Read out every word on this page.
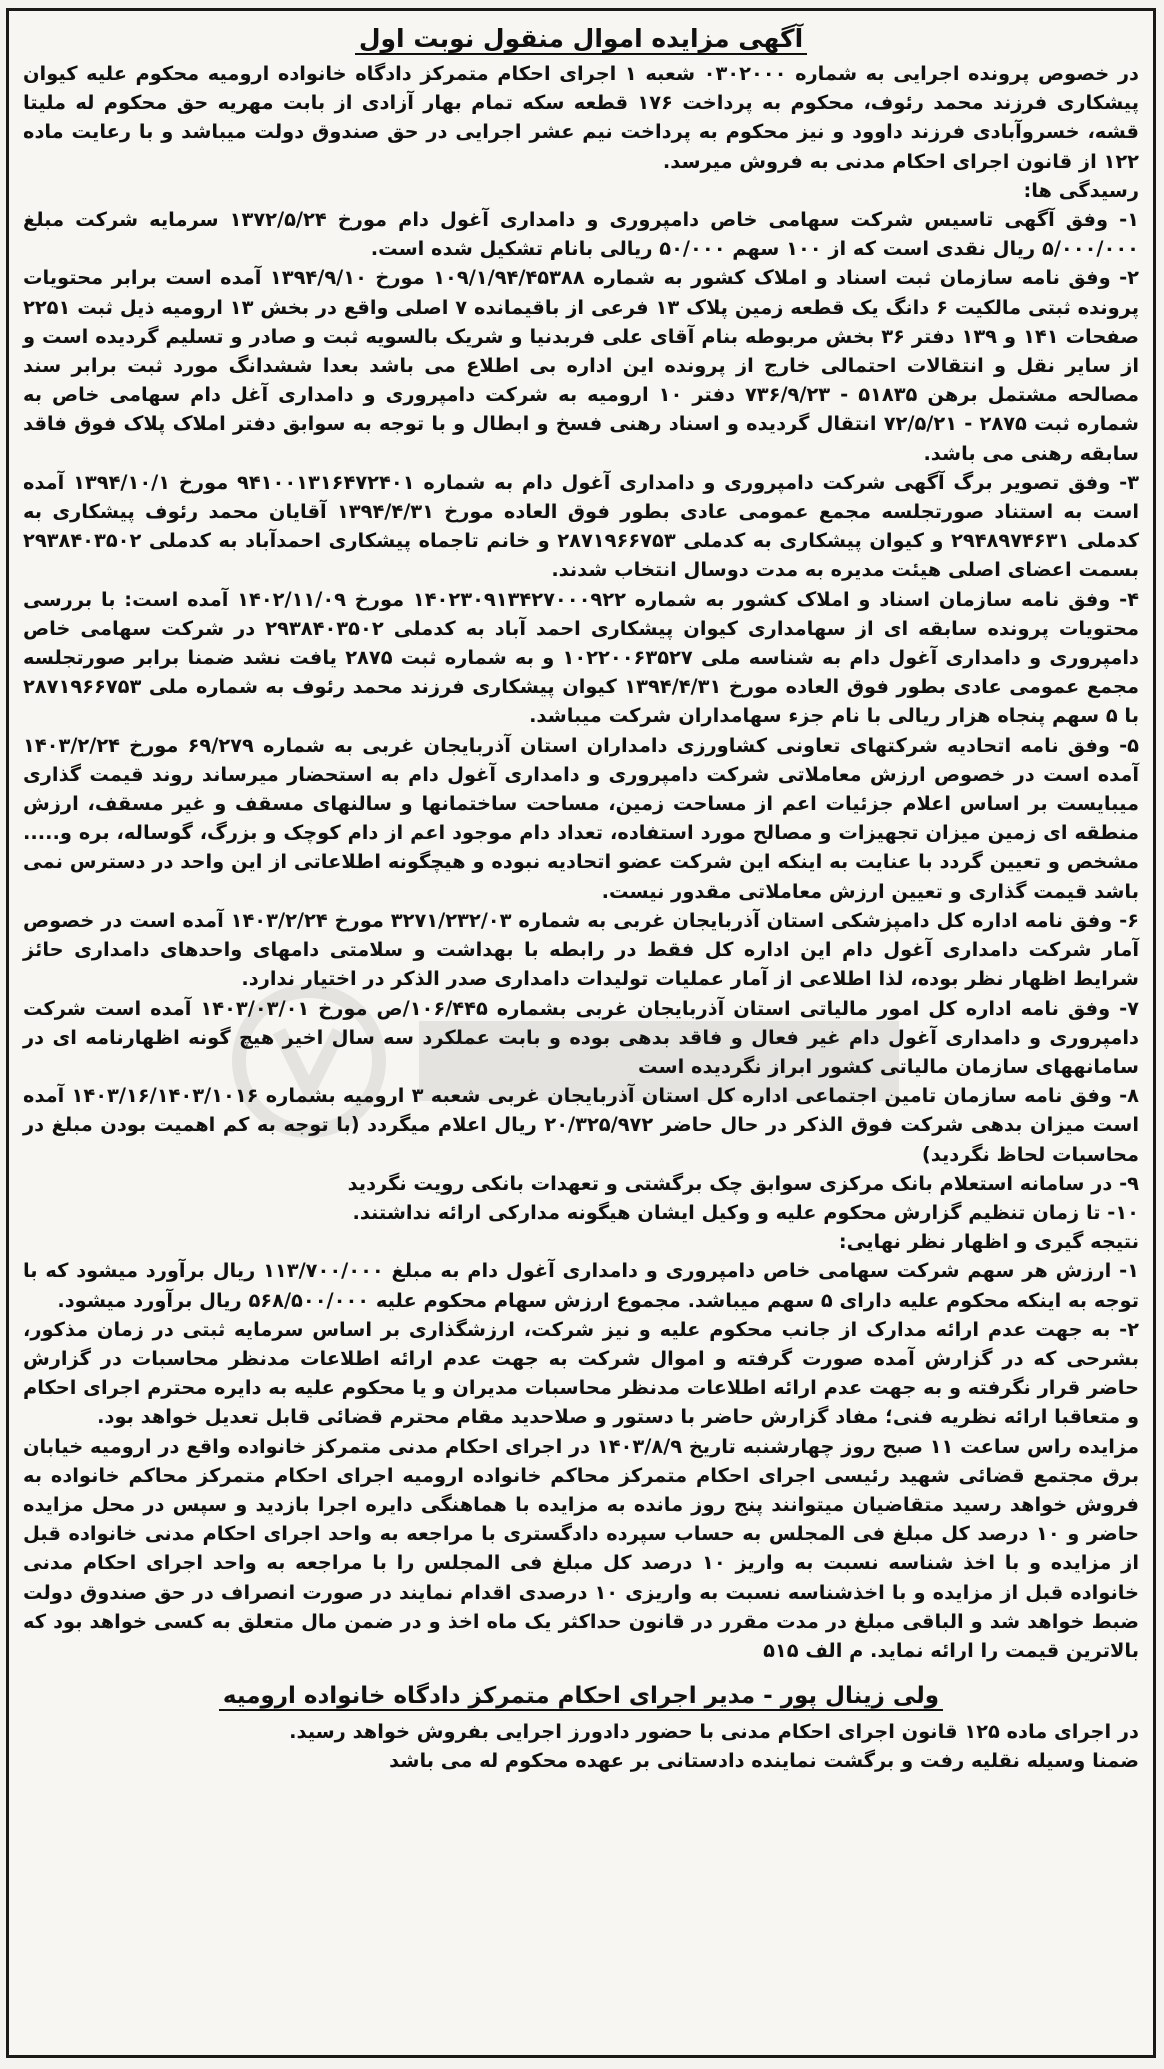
آگهی مزایده اموال منقول نوبت اول

در خصوص پرونده اجرایی به شماره ۰۳‌۰۲۰۰۰ شعبه ۱ اجرای احکام متمرکز دادگاه خانواده ارومیه محکوم علیه کیوان پیشکاری فرزند محمد رئوف، محکوم به پرداخت ۱۷۶ قطعه سکه تمام بهار آزادی از بابت مهریه حق محکوم له ملیتا قشه، خسروآبادی فرزند داوود و نیز محکوم به پرداخت نیم عشر اجرایی در حق صندوق دولت میباشد و با رعایت ماده ۱۲۲ از قانون اجرای احکام مدنی به فروش میرسد.

رسیدگی ها:

۱- وفق آگهی تاسیس شرکت سهامی خاص دامپروری و دامداری آغول دام مورخ ۱۳۷۲/۵/۲۴ سرمایه شرکت مبلغ ۵/۰۰۰/۰۰۰ ریال نقدی است که از ۱۰۰ سهم ۵۰/۰۰۰ ریالی بانام تشکیل شده است.

۲- وفق نامه سازمان ثبت اسناد و املاک کشور به شماره ۱۰۹/۱/۹۴/۴۵۳۸۸ مورخ ۱۳۹۴/۹/۱۰ آمده است برابر محتویات پرونده ثبتی مالکیت ۶ دانگ یک قطعه زمین پلاک ۱۳ فرعی از باقیمانده ۷ اصلی واقع در بخش ۱۳ ارومیه ذیل ثبت ۲۲۵۱ صفحات ۱۴۱ و ۱۳۹ دفتر ۳۶ بخش مربوطه بنام آقای علی فربدنیا و شریک بالسویه ثبت و صادر و تسلیم گردیده است و از سایر نقل و انتقالات احتمالی خارج از پرونده این اداره بی اطلاع می باشد بعدا ششدانگ مورد ثبت برابر سند مصالحه مشتمل برهن ۵۱۸۳۵ - ۷۳۶/۹/۲۳ دفتر ۱۰ ارومیه به شرکت دامپروری و دامداری آغل دام سهامی خاص به شماره ثبت ۲۸۷۵ - ۷۲/۵/۲۱ انتقال گردیده و اسناد رهنی فسخ و ابطال و با توجه به سوابق دفتر املاک پلاک فوق فاقد سابقه رهنی می باشد.

۳- وفق تصویر برگ آگهی شرکت دامپروری و دامداری آغول دام به شماره ۹۴۱۰۰۱۳۱۶۴۷۲۴۰۱ مورخ ۱۳۹۴/۱۰/۱ آمده است به استناد صورتجلسه مجمع عمومی عادی بطور فوق العاده مورخ ۱۳۹۴/۴/۳۱ آقایان محمد رئوف پیشکاری به کدملی ۲۹۴۸۹۷۴۶۳۱ و کیوان پیشکاری به کدملی ۲۸۷۱۹۶۶۷۵۳ و خانم تاجماه پیشکاری احمدآباد به کدملی ۲۹۳۸۴۰۳۵۰۲ بسمت اعضای اصلی هیئت مدیره به مدت دوسال انتخاب شدند.

۴- وفق نامه سازمان اسناد و املاک کشور به شماره ۱۴۰۲۳۰۹۱۳۴۲۷۰۰۰۹۲۲ مورخ ۱۴۰۲/۱۱/۰۹ آمده است: با بررسی محتویات پرونده سابقه ای از سهامداری کیوان پیشکاری احمد آباد به کدملی ۲۹۳۸۴۰۳۵۰۲ در شرکت سهامی خاص دامپروری و دامداری آغول دام به شناسه ملی ۱۰۲۲۰۰۶۳۵۲۷ و به شماره ثبت ۲۸۷۵ یافت نشد ضمنا برابر صورتجلسه مجمع عمومی عادی بطور فوق العاده مورخ ۱۳۹۴/۴/۳۱ کیوان پیشکاری فرزند محمد رئوف به شماره ملی ۲۸۷۱۹۶۶۷۵۳ با ۵ سهم پنجاه هزار ریالی با نام جزء سهامداران شرکت میباشد.

۵- وفق نامه اتحادیه شرکتهای تعاونی کشاورزی دامداران استان آذربایجان غربی به شماره ۶۹/۲۷۹ مورخ ۱۴۰۳/۲/۲۴ آمده است در خصوص ارزش معاملاتی شرکت دامپروری و دامداری آغول دام به استحضار میرساند روند قیمت گذاری میبایست بر اساس اعلام جزئیات اعم از مساحت زمین، مساحت ساختمانها و سالنهای مسقف و غیر مسقف، ارزش منطقه ای زمین میزان تجهیزات و مصالح مورد استفاده، تعداد دام موجود اعم از دام کوچک و بزرگ، گوساله، بره و..... مشخص و تعیین گردد با عنایت به اینکه این شرکت عضو اتحادیه نبوده و هیچگونه اطلاعاتی از این واحد در دسترس نمی باشد قیمت گذاری و تعیین ارزش معاملاتی مقدور نیست.

۶- وفق نامه اداره کل دامپزشکی استان آذربایجان غربی به شماره ۳۲۷۱/۲۳۲/۰۳ مورخ ۱۴۰۳/۲/۲۴ آمده است در خصوص آمار شرکت دامداری آغول دام این اداره کل فقط در رابطه با بهداشت و سلامتی دامهای واحدهای دامداری حائز شرایط اظهار نظر بوده، لذا اطلاعی از آمار عملیات تولیدات دامداری صدر الذکر در اختیار ندارد.

۷- وفق نامه اداره کل امور مالیاتی استان آذربایجان غربی بشماره ۱۰۶/۴۴۵/ص مورخ ۱۴۰۳/۰۳/۰۱ آمده است شرکت دامپروری و دامداری آغول دام غیر فعال و فاقد بدهی بوده و بابت عملکرد سه سال اخیر هیچ گونه اظهارنامه ای در سامانههای سازمان مالیاتی کشور ابراز نگردیده است

۸- وفق نامه سازمان تامین اجتماعی اداره کل استان آذربایجان غربی شعبه ۳ ارومیه بشماره ۱۴۰۳/۱۶/۱۴۰۳/۱۰۱۶ آمده است میزان بدهی شرکت فوق الذکر در حال حاضر ۲۰/۳۲۵/۹۷۲ ریال اعلام میگردد (با توجه به کم اهمیت بودن مبلغ در محاسبات لحاظ نگردید)

۹- در سامانه استعلام بانک مرکزی سوابق چک برگشتی و تعهدات بانکی رویت نگردید

۱۰- تا زمان تنظیم گزارش محکوم علیه و وکیل ایشان هیگونه مدارکی ارائه نداشتند.

نتیجه گیری و اظهار نظر نهایی:

۱- ارزش هر سهم شرکت سهامی خاص دامپروری و دامداری آغول دام به مبلغ ۱۱۳/۷۰۰/۰۰۰ ریال برآورد میشود که با توجه به اینکه محکوم علیه دارای ۵ سهم میباشد. مجموع ارزش سهام محکوم علیه ۵۶۸/۵۰۰/۰۰۰ ریال برآورد میشود.

۲- به جهت عدم ارائه مدارک از جانب محکوم علیه و نیز شرکت، ارزشگذاری بر اساس سرمایه ثبتی در زمان مذکور، بشرحی که در گزارش آمده صورت گرفته و اموال شرکت به جهت عدم ارائه اطلاعات مدنظر محاسبات در گزارش حاضر قرار نگرفته و به جهت عدم ارائه اطلاعات مدنظر محاسبات مدیران و یا محکوم علیه به دایره محترم اجرای احکام و متعاقبا ارائه نظریه فنی؛ مفاد گزارش حاضر با دستور و صلاحدید مقام محترم قضائی قابل تعدیل خواهد بود.

مزایده راس ساعت ۱۱ صبح روز چهارشنبه تاریخ ۱۴۰۳/۸/۹ در اجرای احکام مدنی متمرکز خانواده واقع در ارومیه خیابان برق مجتمع قضائی شهید رئیسی اجرای احکام متمرکز محاکم خانواده ارومیه اجرای احکام متمرکز محاکم خانواده به فروش خواهد رسید متقاضیان میتوانند پنج روز مانده به مزایده با هماهنگی دایره اجرا بازدید و سپس در محل مزایده حاضر و ۱۰ درصد کل مبلغ فی المجلس به حساب سپرده دادگستری با مراجعه به واحد اجرای احکام مدنی خانواده قبل از مزایده و با اخذ شناسه نسبت به واریز ۱۰ درصد کل مبلغ فی المجلس را با مراجعه به واحد اجرای احکام مدنی خانواده قبل از مزایده و با اخذشناسه نسبت به واریزی ۱۰ درصدی اقدام نمایند در صورت انصراف در حق صندوق دولت ضبط خواهد شد و الباقی مبلغ در مدت مقرر در قانون حداکثر یک ماه اخذ و در ضمن مال متعلق به کسی خواهد بود که بالاترین قیمت را ارائه نماید. م الف ۵۱۵

ولی زینال پور - مدیر اجرای احکام متمرکز دادگاه خانواده ارومیه

در اجرای ماده ۱۲۵ قانون اجرای احکام مدنی با حضور دادورز اجرایی بفروش خواهد رسید.

ضمنا وسیله نقلیه رفت و برگشت نماینده دادستانی بر عهده محکوم له می باشد
